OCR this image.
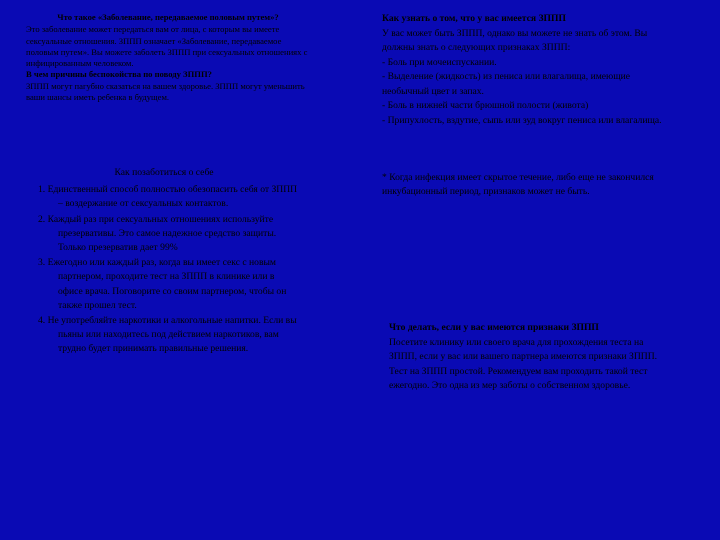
Что такое «Заболевание, передаваемое половым путем»?

Это заболевание может передаться вам от лица, с которым вы имеете сексуальные отношения. ЗППП означает «Заболевание, передаваемое половым путем». Вы можете заболеть ЗППП при сексуальных отношениях с инфицированным человеком.

В чем причины беспокойства по поводу ЗППП?

ЗППП могут пагубно сказаться на вашем здоровье. ЗППП могут уменьшить ваши шансы иметь ребенка в будущем.

Как узнать о том, что у вас имеется ЗППП

У вас может быть ЗППП, однако вы можете не знать об этом. Вы должны знать о следующих признаках ЗППП:

- Боль при мочеиспускании.

- Выделение (жидкость) из пениса или влагалища, имеющие необычный цвет и запах.

- Боль в нижней части брюшной полости (живота)

- Припухлость, вздутие, сыпь или зуд вокруг пениса или влагалища.

Как позаботиться о себе

1. Единственный способ полностью обезопасить себя от ЗППП – воздержание от сексуальных контактов.
2. Каждый раз при сексуальных отношениях используйте презервативы. Это самое надежное средство защиты. Только презерватив дает 99%
3. Ежегодно или каждый раз, когда вы имеет секс с новым партнером, проходите тест на ЗППП в клинике или в офисе врача. Поговорите со своим партнером, чтобы он также прошел тест.
4. Не употребляйте наркотики и алкогольные напитки. Если вы пьяны или находитесь под действием наркотиков, вам трудно будет принимать правильные решения.

* Когда инфекция имеет скрытое течение, либо еще не закончился инкубационный период, признаков может не быть.

Что делать, если у вас имеются признаки ЗППП

Посетите клинику или своего врача для прохождения теста на ЗППП, если у вас или вашего партнера имеются признаки ЗППП.

Тест на ЗППП простой. Рекомендуем вам проходить такой тест ежегодно. Это одна из мер заботы о собственном здоровье.
